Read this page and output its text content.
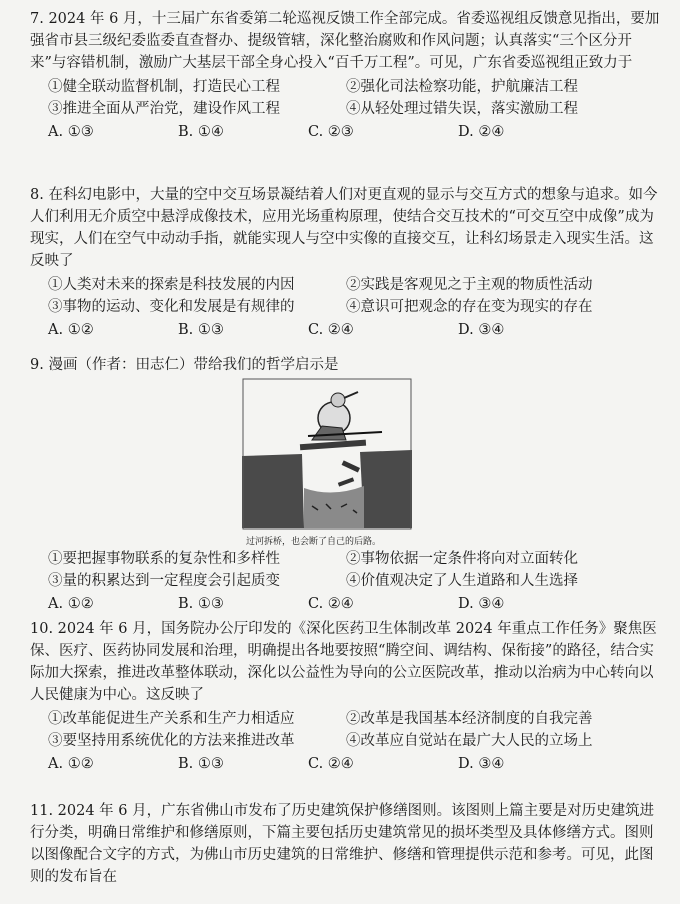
7. 2024 年 6 月，十三届广东省委第二轮巡视反馈工作全部完成。省委巡视组反馈意见指出，要加强省市县三级纪委监委直查督办、提级管辖，深化整治腐败和作风问题；认真落实“三个区分开来”与容错机制，激励广大基层干部全身心投入“百千万工程”。可见，广东省委巡视组正致力于
①健全联动监督机制，打造民心工程	②强化司法检察功能，护航廉洁工程
③推进全面从严治党，建设作风工程	④从轻处理过错失误，落实激励工程
A. ①③	B. ①④	C. ②③	D. ②④
8. 在科幻电影中，大量的空中交互场景凝结着人们对更直观的显示与交互方式的想象与追求。如今人们利用无介质空中悬浮成像技术，应用光场重构原理，使结合交互技术的“可交互空中成像”成为现实，人们在空气中动动手指，就能实现人与空中实像的直接交互，让科幻场景走入现实生活。这反映了
①人类对未来的探索是科技发展的内因	②实践是客观见之于主观的物质性活动
③事物的运动、变化和发展是有规律的	④意识可把观念的存在变为现实的存在
A. ①②	B. ①③	C. ②④	D. ③④
9. 漫画（作者：田志仁）带给我们的哲学启示是
过河拆桥，也会断了自己的后路。
①要把握事物联系的复杂性和多样性	②事物依据一定条件将向对立面转化
③量的积累达到一定程度会引起质变	④价值观决定了人生道路和人生选择
A. ①②	B. ①③	C. ②④	D. ③④
10. 2024 年 6 月，国务院办公厅印发的《深化医药卫生体制改革 2024 年重点工作任务》聚焦医保、医疗、医药协同发展和治理，明确提出各地要按照“腾空间、调结构、保衔接”的路径，结合实际加大探索，推进改革整体联动，深化以公益性为导向的公立医院改革，推动以治病为中心转向以人民健康为中心。这反映了
①改革能促进生产关系和生产力相适应	②改革是我国基本经济制度的自我完善
③要坚持用系统优化的方法来推进改革	④改革应自觉站在最广大人民的立场上
A. ①②	B. ①③	C. ②④	D. ③④
11. 2024 年 6 月，广东省佛山市发布了历史建筑保护修缮图则。该图则上篇主要是对历史建筑进行分类，明确日常维护和修缮原则，下篇主要包括历史建筑常见的损坏类型及具体修缮方式。图则以图像配合文字的方式，为佛山市历史建筑的日常维护、修缮和管理提供示范和参考。可见，此图则的发布旨在
